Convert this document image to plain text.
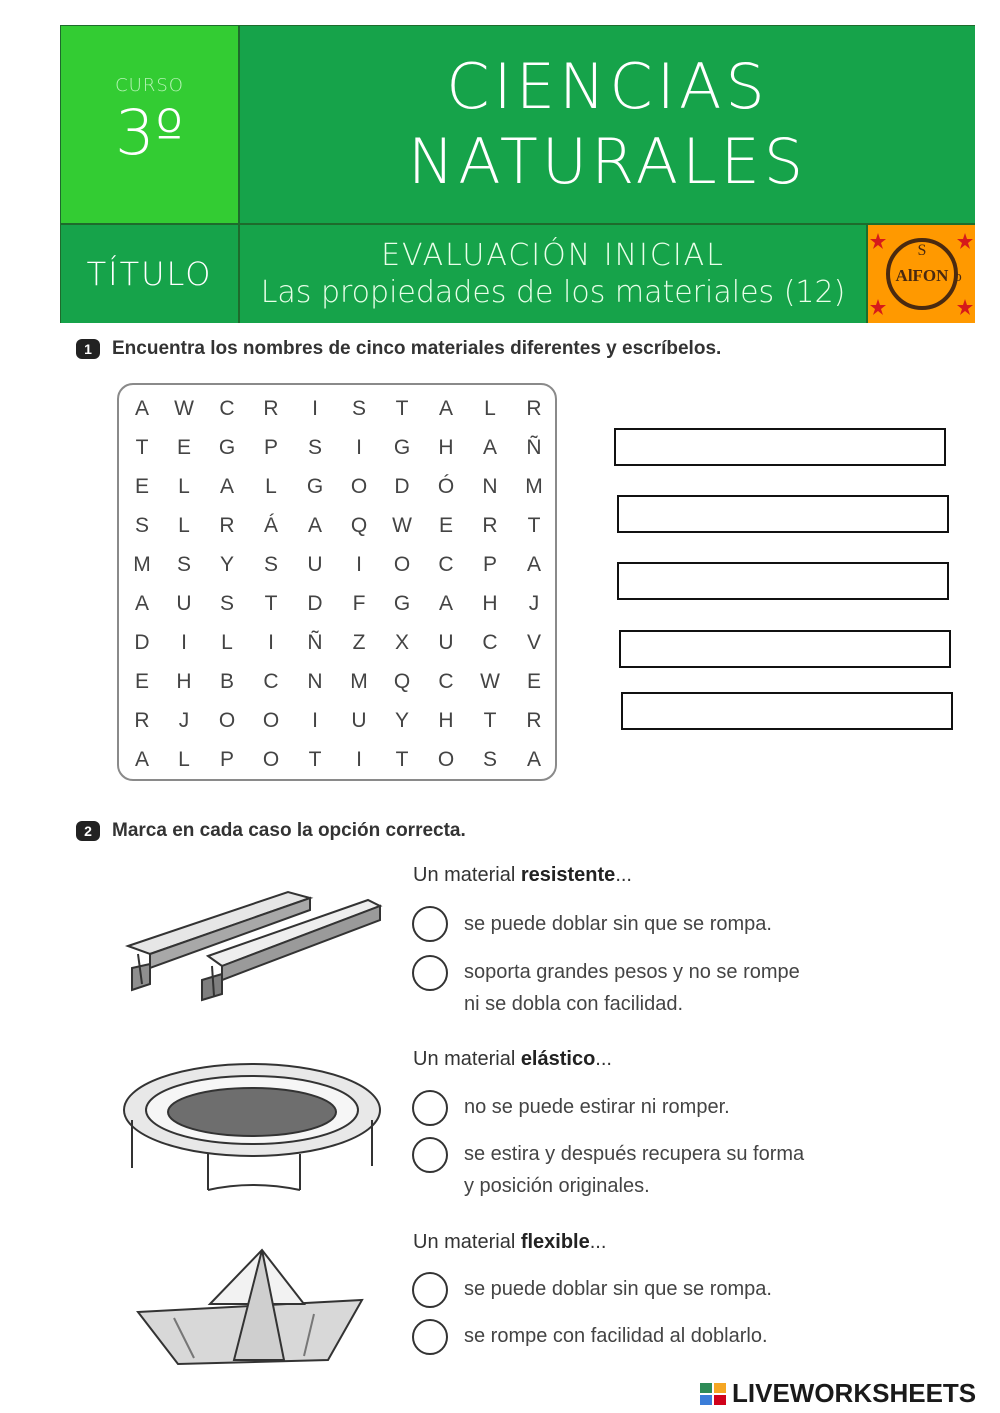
CURSO
3º
CIENCIAS
NATURALES
TÍTULO	EVALUACIÓN INICIAL
Las propiedades de los materiales (12)	AlFON
S
o
1	Encuentra los nombres de cinco materiales diferentes y escríbelos.
A	W	C	R	I	S	T	A	L	R
T	E	G	P	S	I	G	H	A	Ñ
E	L	A	L	G	O	D	Ó	N	M
S	L	R	Á	A	Q	W	E	R	T
M	S	Y	S	U	I	O	C	P	A
A	U	S	T	D	F	G	A	H	J
D	I	L	I	Ñ	Z	X	U	C	V
E	H	B	C	N	M	Q	C	W	E
R	J	O	O	I	U	Y	H	T	R
A	L	P	O	T	I	T	O	S	A
2	Marca en cada caso la opción correcta.
Un material resistente...
se puede doblar sin que se rompa.
soporta grandes pesos y no se rompe
ni se dobla con facilidad.
Un material elástico...
no se puede estirar ni romper.
se estira y después recupera su forma
y posición originales.
Un material flexible...
se puede doblar sin que se rompa.
se rompe con facilidad al doblarlo.
LIVEWORKSHEETS
